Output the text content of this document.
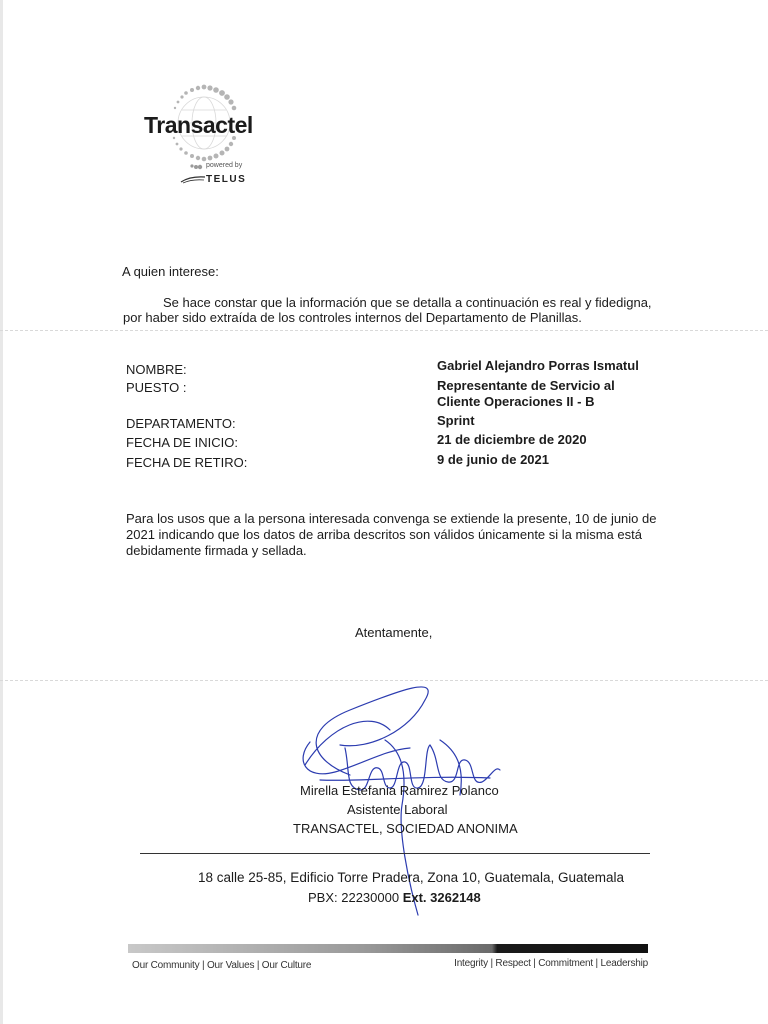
Transactel
powered by
TELUS
A quien interese:
Se hace constar que la información que se detalla a continuación es real y fidedigna,
por haber sido extraída de los controles internos del Departamento de Planillas.
NOMBRE:	Gabriel Alejandro Porras Ismatul
PUESTO :	Representante de Servicio al
Cliente Operaciones II - B
DEPARTAMENTO:	Sprint
FECHA DE INICIO:	21 de diciembre de 2020
FECHA DE RETIRO:	9 de junio de 2021
Para los usos que a la persona interesada convenga se extiende la presente, 10 de junio de
2021 indicando que los datos de arriba descritos son válidos únicamente si la misma está
debidamente firmada y sellada.
Atentamente,
Mirella Estefania Ramirez Polanco
Asistente Laboral
TRANSACTEL, SOCIEDAD ANONIMA
18 calle 25-85, Edificio Torre Pradera, Zona 10, Guatemala, Guatemala
PBX: 22230000 Ext. 3262148
Our Community | Our Values | Our Culture	Integrity | Respect | Commitment | Leadership
